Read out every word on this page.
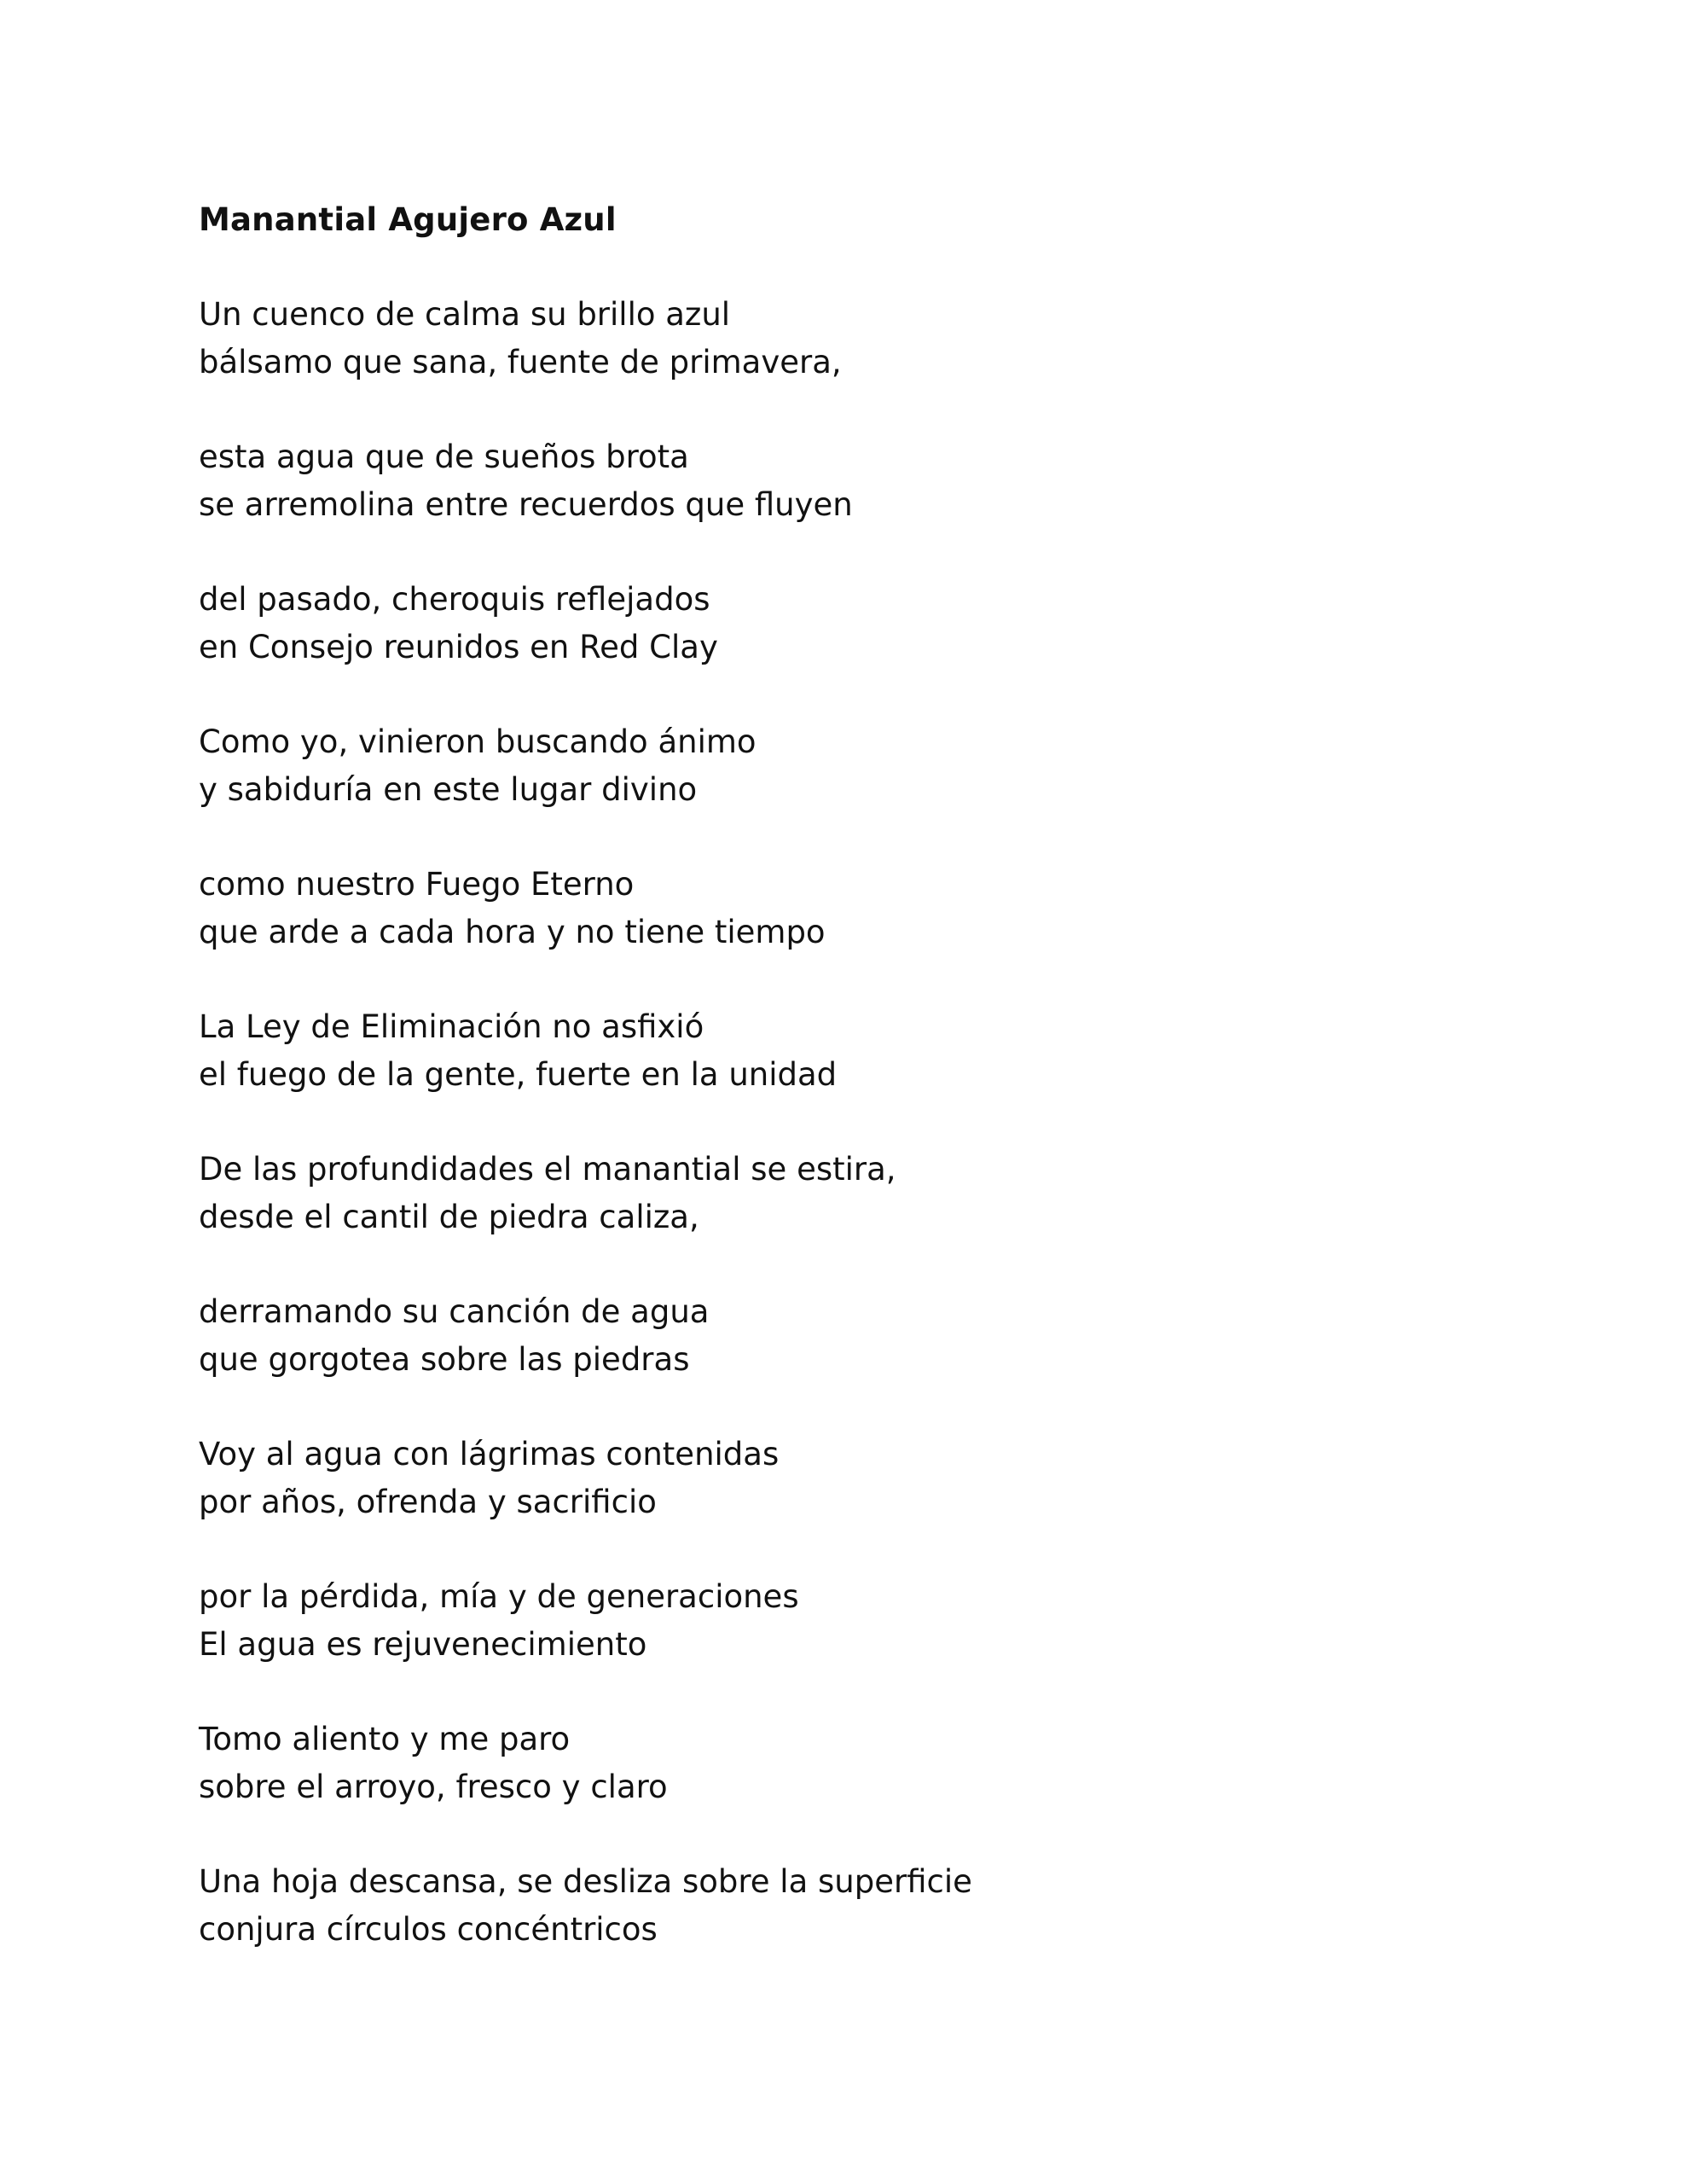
Manantial Agujero Azul
Un cuenco de calma su brillo azul
bálsamo que sana, fuente de primavera,
esta agua que de sueños brota
se arremolina entre recuerdos que fluyen
del pasado, cheroquis reflejados
en Consejo reunidos en Red Clay
Como yo, vinieron buscando ánimo
y sabiduría en este lugar divino
como nuestro Fuego Eterno
que arde a cada hora y no tiene tiempo
La Ley de Eliminación no asfixió
el fuego de la gente, fuerte en la unidad
De las profundidades el manantial se estira,
desde el cantil de piedra caliza,
derramando su canción de agua
que gorgotea sobre las piedras
Voy al agua con lágrimas contenidas
por años, ofrenda y sacrificio
por la pérdida, mía y de generaciones
El agua es rejuvenecimiento
Tomo aliento y me paro
sobre el arroyo, fresco y claro
Una hoja descansa, se desliza sobre la superficie
conjura círculos concéntricos
